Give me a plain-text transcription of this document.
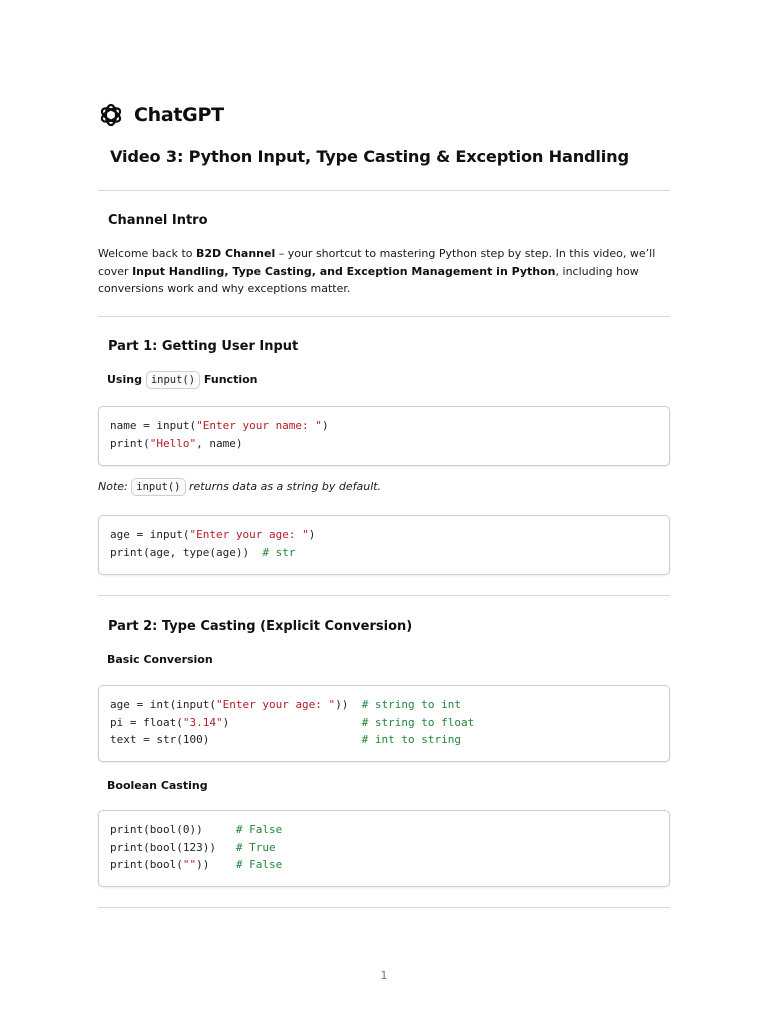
ChatGPT
Video 3: Python Input, Type Casting & Exception Handling
Channel Intro

Welcome back to B2D Channel – your shortcut to mastering Python step by step. In this video, we’ll cover Input Handling, Type Casting, and Exception Management in Python, including how conversions work and why exceptions matter.

Part 1: Getting User Input
Using input() Function
name = input("Enter your name: ")
print("Hello", name)
Note: input() returns data as a string by default.
age = input("Enter your age: ")
print(age, type(age))  # str
Part 2: Type Casting (Explicit Conversion)
Basic Conversion
age = int(input("Enter your age: "))  # string to int
pi = float("3.14")                    # string to float
text = str(100)                       # int to string
Boolean Casting
print(bool(0))     # False
print(bool(123))   # True
print(bool(""))    # False
1
